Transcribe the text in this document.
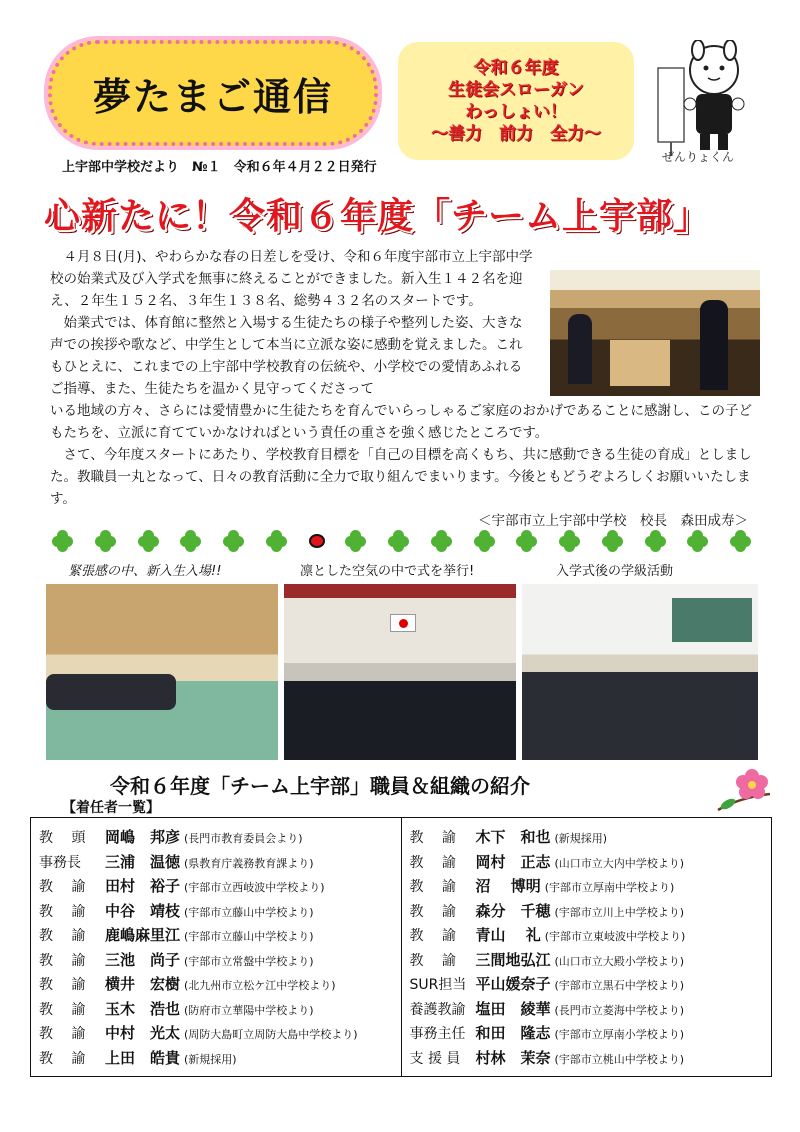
夢たまご通信
令和６年度
生徒会スローガン
わっしょい！
〜善力　前力　全力〜
ぜんりょくん
上宇部中学校だより　№１　令和６年４月２２日発行
心新たに！令和６年度「チーム上宇部」

４月８日(月)、やわらかな春の日差しを受け、令和６年度宇部市立上宇部中学校の始業式及び入学式を無事に終えることができました。新入生１４２名を迎え、２年生１５２名、３年生１３８名、総勢４３２名のスタートです。

始業式では、体育館に整然と入場する生徒たちの様子や整列した姿、大きな声での挨拶や歌など、中学生として本当に立派な姿に感動を覚えました。これもひとえに、これまでの上宇部中学校教育の伝統や、小学校での愛情あふれるご指導、また、生徒たちを温かく見守ってくださって

いる地域の方々、さらには愛情豊かに生徒たちを育んでいらっしゃるご家庭のおかげであることに感謝し、この子どもたちを、立派に育てていかなければという責任の重さを強く感じたところです。

さて、今年度スタートにあたり、学校教育目標を「自己の目標を高くもち、共に感動できる生徒の育成」としました。教職員一丸となって、日々の教育活動に全力で取り組んでまいります。今後ともどうぞよろしくお願いいたします。

＜宇部市立上宇部中学校　校長　森田成寿＞
緊張感の中、新入生入場!!	凛とした空気の中で式を挙行!	入学式後の学級活動
令和６年度「チーム上宇部」職員＆組織の紹介
【着任者一覧】
教　 頭	岡嶋　邦彦 (長門市教育委員会より)
事務長	三浦　温徳 (県教育庁義務教育課より)
教　 諭	田村　裕子 (宇部市立西岐波中学校より)
教　 諭	中谷　靖枝 (宇部市立藤山中学校より)
教　 諭	鹿嶋麻里江 (宇部市立藤山中学校より)
教　 諭	三池　尚子 (宇部市立常盤中学校より)
教　 諭	横井　宏樹 (北九州市立松ケ江中学校より)
教　 諭	玉木　浩也 (防府市立華陽中学校より)
教　 諭	中村　光太 (周防大島町立周防大島中学校より)
教　 諭	上田　皓貴 (新規採用)
教　 諭	木下　和也 (新規採用)
教　 諭	岡村　正志 (山口市立大内中学校より)
教　 諭	沼　 博明 (宇部市立厚南中学校より)
教　 諭	森分　千穂 (宇部市立川上中学校より)
教　 諭	青山　 礼 (宇部市立東岐波中学校より)
教　 諭	三間地弘江 (山口市立大殿小学校より)
SUR担当 平山媛奈子 (宇部市立黒石中学校より)
養護教諭 塩田　綾華 (長門市立菱海中学校より)
事務主任 和田　隆志 (宇部市立厚南小学校より)
支 援 員	村林　茉奈 (宇部市立桃山中学校より)
